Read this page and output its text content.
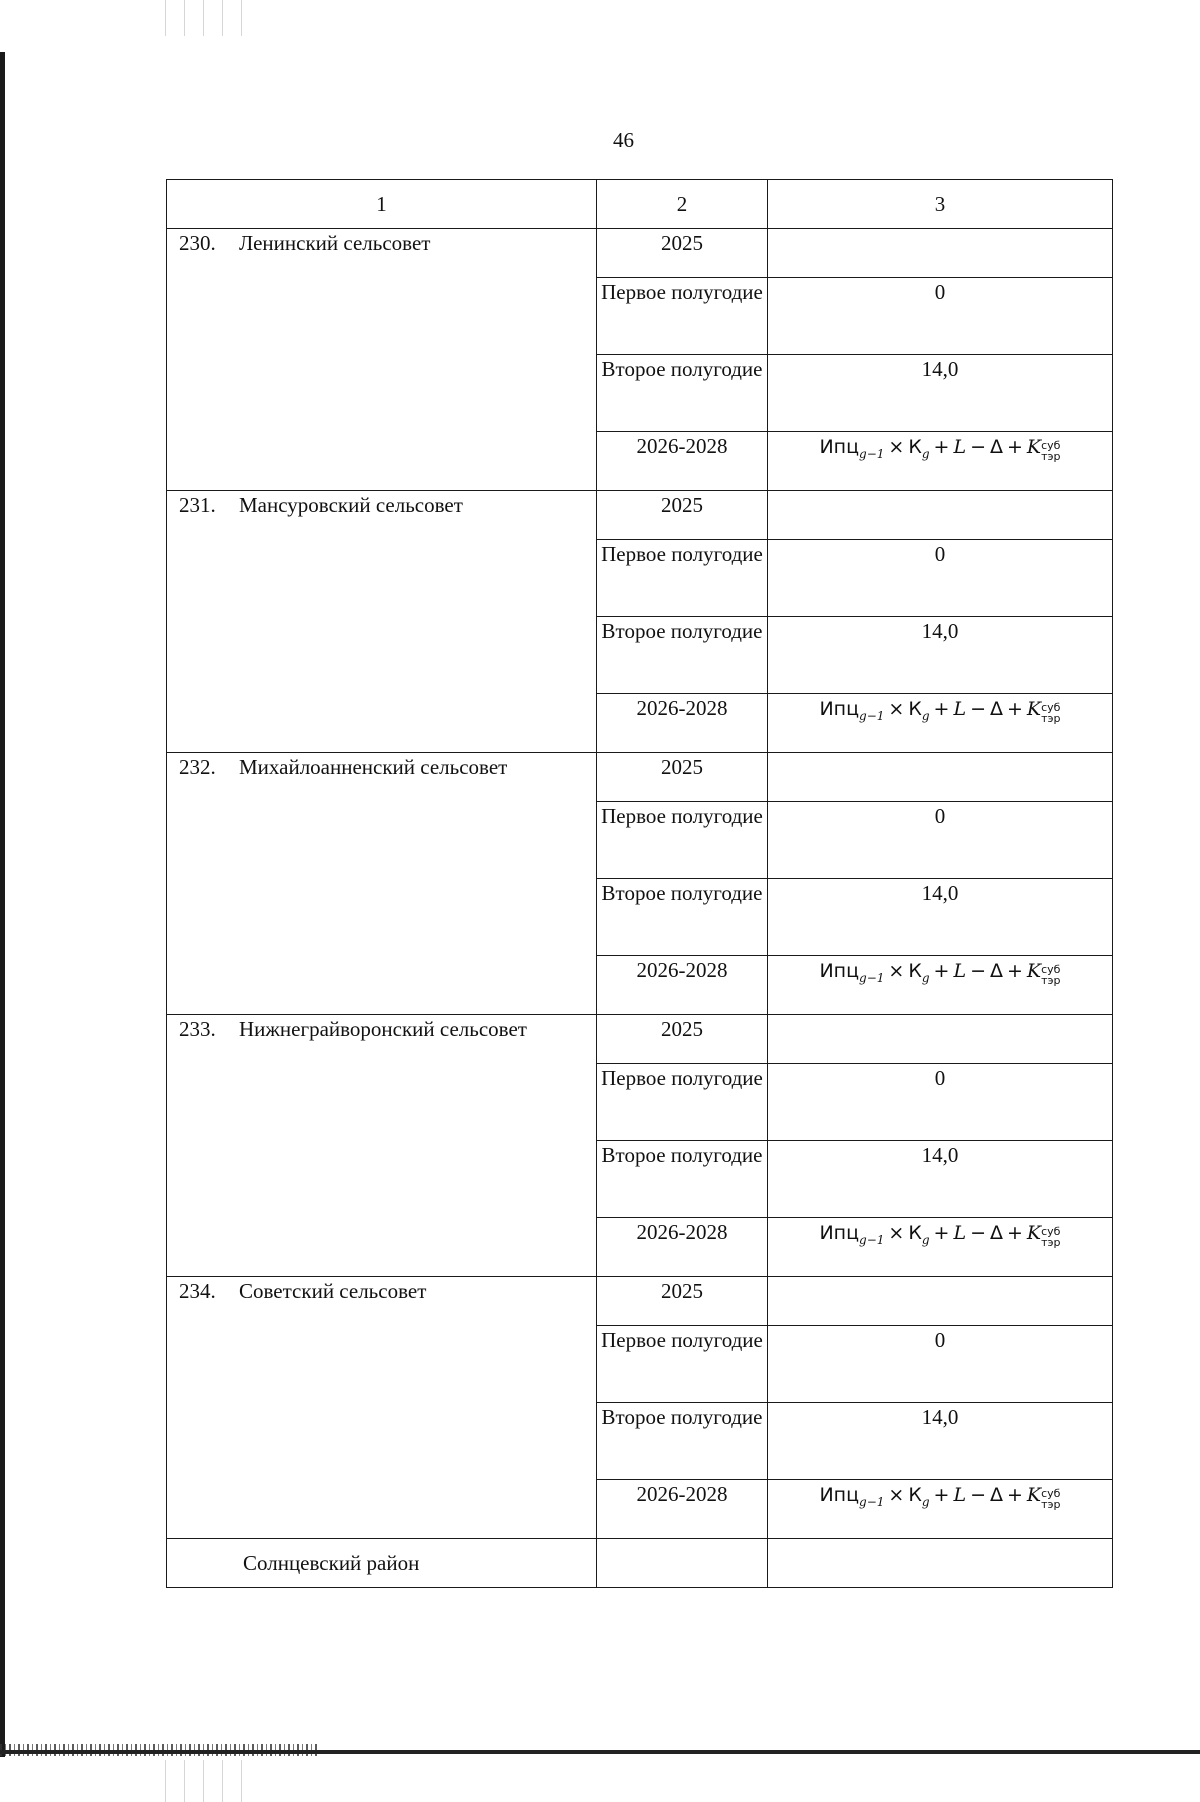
46
1	2	3
230. Ленинский сельсовет	2025	
	Первое полугодие	0
	Второе полугодие	14,0
	2026-2028	$Ипц_{g-1} \times К_g + L - \Delta + K$ суб
тэр

231. Мансуровский сельсовет	2025	
	Первое полугодие	0
	Второе полугодие	14,0
	2026-2028	$Ипц_{g-1} \times К_g + L - \Delta + K$ суб
тэр

232. Михайлоанненский сельсовет	2025	
	Первое полугодие	0
	Второе полугодие	14,0
	2026-2028	$Ипц_{g-1} \times К_g + L - \Delta + K$ суб
тэр

233. Нижнеграйворонский сельсовет	2025	
	Первое полугодие	0
	Второе полугодие	14,0
	2026-2028	$Ипц_{g-1} \times К_g + L - \Delta + K$ суб
тэр

234. Советский сельсовет	2025	
	Первое полугодие	0
	Второе полугодие	14,0
	2026-2028	$Ипц_{g-1} \times К_g + L - \Delta + K$ суб
тэр

Солнцевский район		
